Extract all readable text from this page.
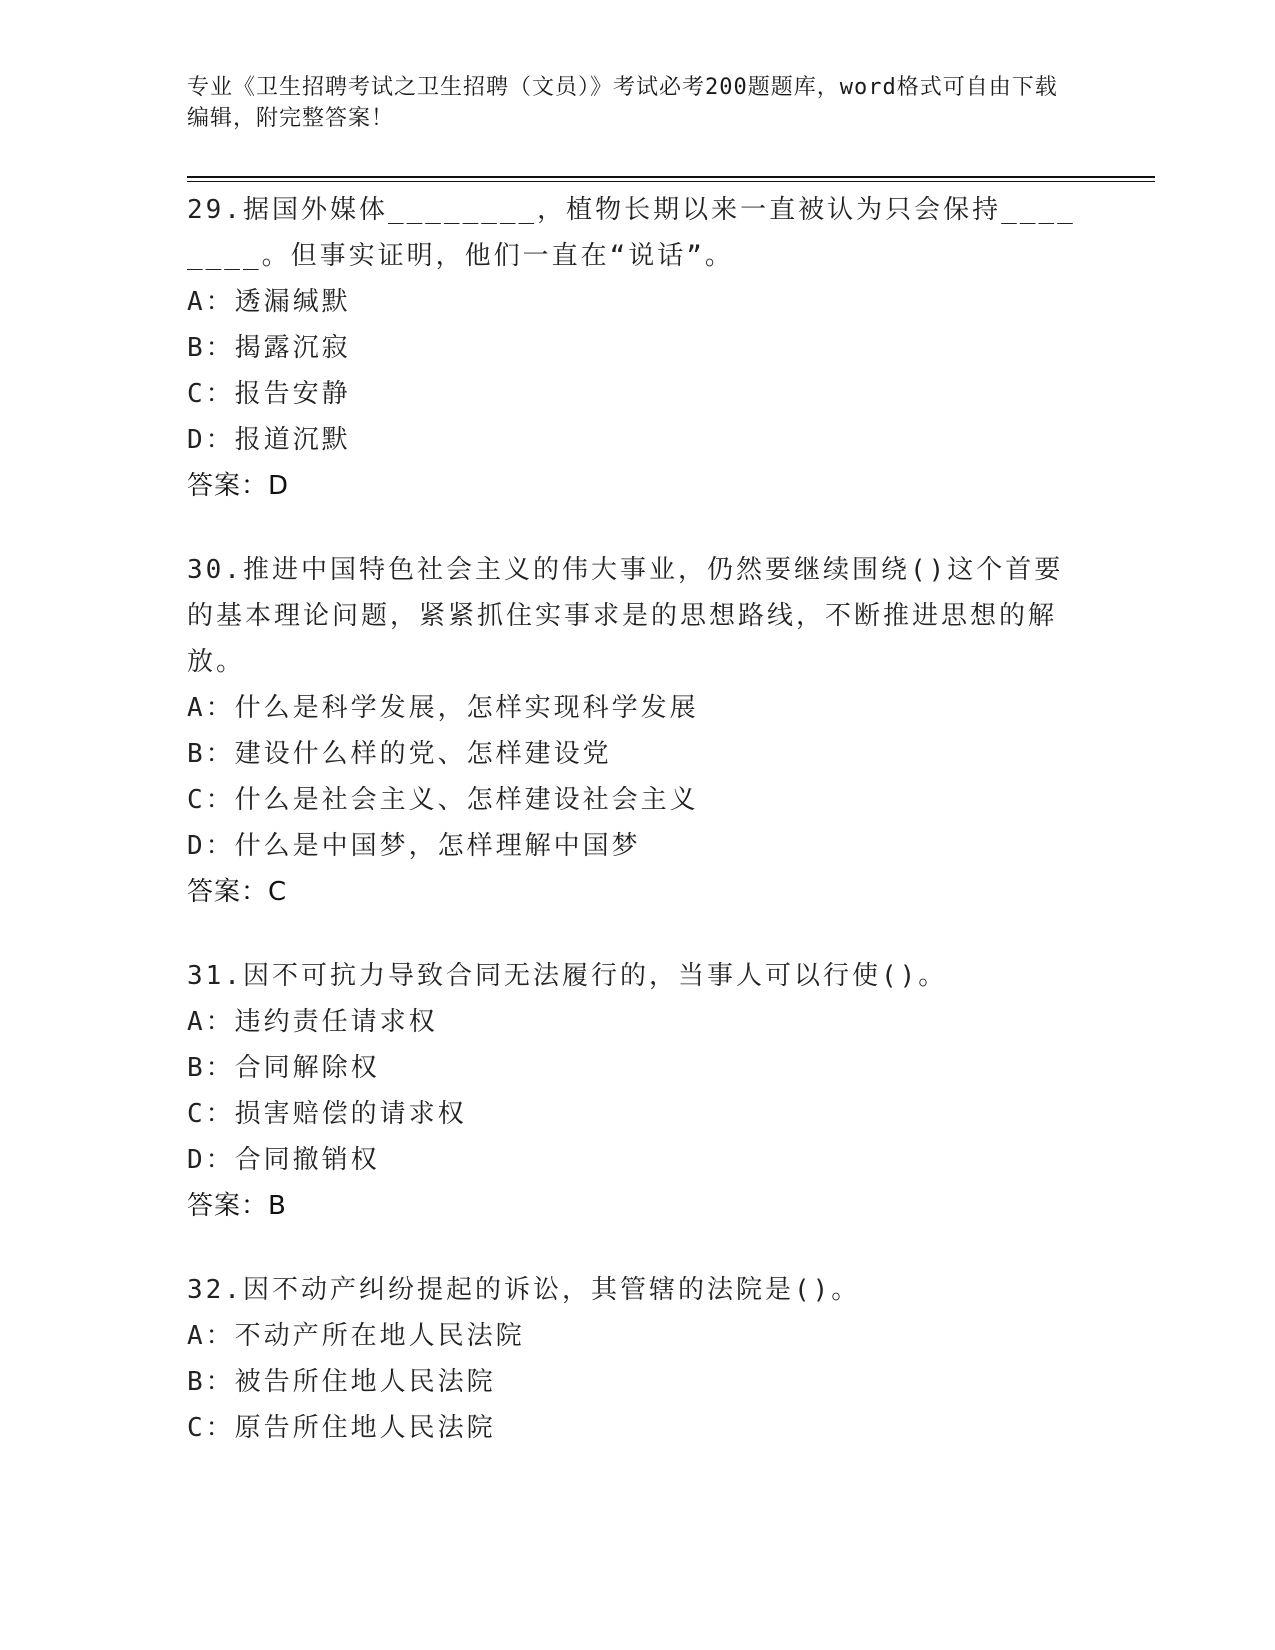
专业《卫生招聘考试之卫生招聘（文员）》考试必考200题题库，word格式可自由下载编辑，附完整答案！
29.据国外媒体________，植物长期以来一直被认为只会保持________。但事实证明，他们一直在“说话”。
A：透漏缄默
B：揭露沉寂
C：报告安静
D：报道沉默
答案：D
30.推进中国特色社会主义的伟大事业，仍然要继续围绕()这个首要的基本理论问题，紧紧抓住实事求是的思想路线，不断推进思想的解放。
A：什么是科学发展，怎样实现科学发展
B：建设什么样的党、怎样建设党
C：什么是社会主义、怎样建设社会主义
D：什么是中国梦，怎样理解中国梦
答案：C
31.因不可抗力导致合同无法履行的，当事人可以行使()。
A：违约责任请求权
B：合同解除权
C：损害赔偿的请求权
D：合同撤销权
答案：B
32.因不动产纠纷提起的诉讼，其管辖的法院是()。
A：不动产所在地人民法院
B：被告所住地人民法院
C：原告所住地人民法院
